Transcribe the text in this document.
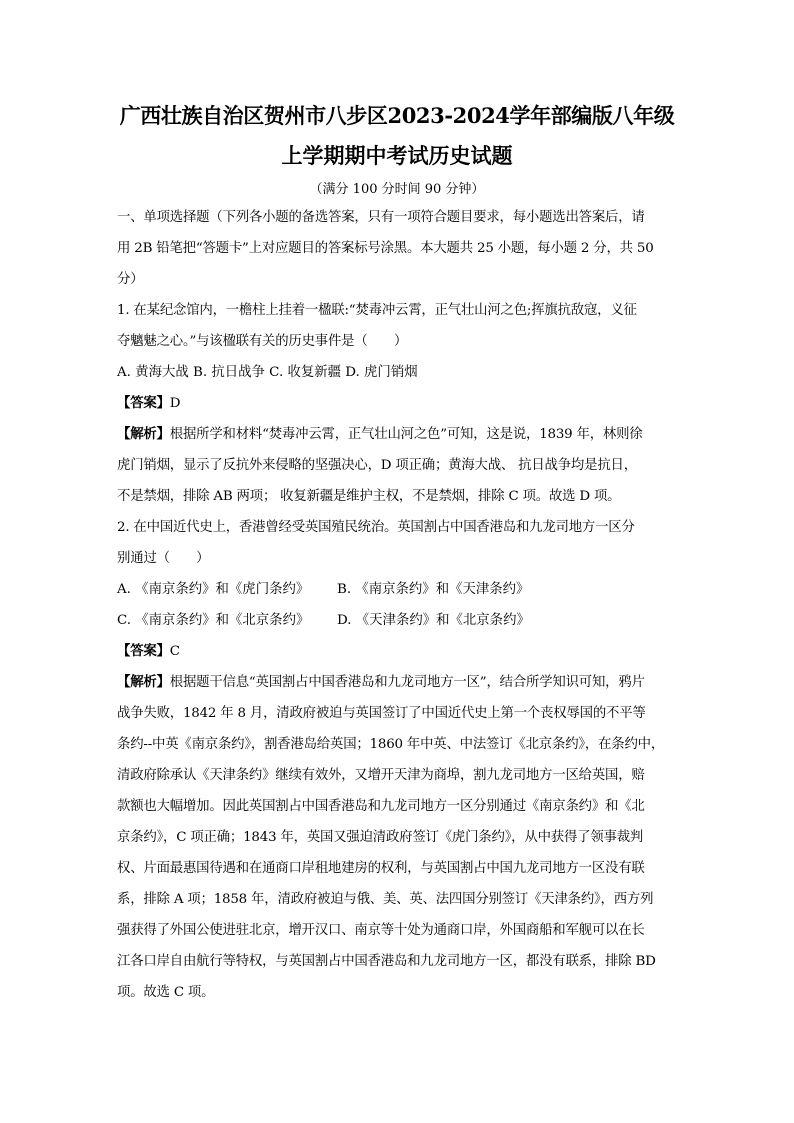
广西壮族自治区贺州市八步区2023-2024学年部编版八年级
上学期期中考试历史试题
（满分 100 分时间 90 分钟）

一、单项选择题（下列各小题的备选答案，只有一项符合题目要求，每小题选出答案后，请

用 2B 铅笔把“答题卡”上对应题目的答案标号涂黑。本大题共 25 小题，每小题 2 分，共 50

分）

1. 在某纪念馆内，一檐柱上挂着一楹联:“焚毒冲云霄，正气壮山河之色;挥旗抗敌寇，义征

夺魑魅之心。”与该楹联有关的历史事件是（　　）

A. 黄海大战 B. 抗日战争 C. 收复新疆 D. 虎门销烟

【答案】D

【解析】根据所学和材料“焚毒冲云霄，正气壮山河之色”可知，这是说，1839 年，林则徐

虎门销烟，显示了反抗外来侵略的坚强决心，D 项正确；黄海大战、 抗日战争均是抗日，

不是禁烟，排除 AB 两项； 收复新疆是维护主权，不是禁烟，排除 C 项。故选 D 项。

2. 在中国近代史上，香港曾经受英国殖民统治。英国割占中国香港岛和九龙司地方一区分

别通过（　　）

A. 《南京条约》和《虎门条约》	B. 《南京条约》和《天津条约》
C. 《南京条约》和《北京条约》	D. 《天津条约》和《北京条约》

【答案】C

【解析】根据题干信息“英国割占中国香港岛和九龙司地方一区”，结合所学知识可知，鸦片

战争失败，1842 年 8 月，清政府被迫与英国签订了中国近代史上第一个丧权辱国的不平等

条约--中英《南京条约》，割香港岛给英国；1860 年中英、中法签订《北京条约》，在条约中，

清政府除承认《天津条约》继续有效外，又增开天津为商埠，割九龙司地方一区给英国，赔

款额也大幅增加。因此英国割占中国香港岛和九龙司地方一区分别通过《南京条约》和《北

京条约》，C 项正确；1843 年，英国又强迫清政府签订《虎门条约》，从中获得了领事裁判

权、片面最惠国待遇和在通商口岸租地建房的权利，与英国割占中国九龙司地方一区没有联

系，排除 A 项；1858 年，清政府被迫与俄、美、英、法四国分别签订《天津条约》，西方列

强获得了外国公使进驻北京，增开汉口、南京等十处为通商口岸，外国商船和军舰可以在长

江各口岸自由航行等特权，与英国割占中国香港岛和九龙司地方一区，都没有联系，排除 BD

项。故选 C 项。
